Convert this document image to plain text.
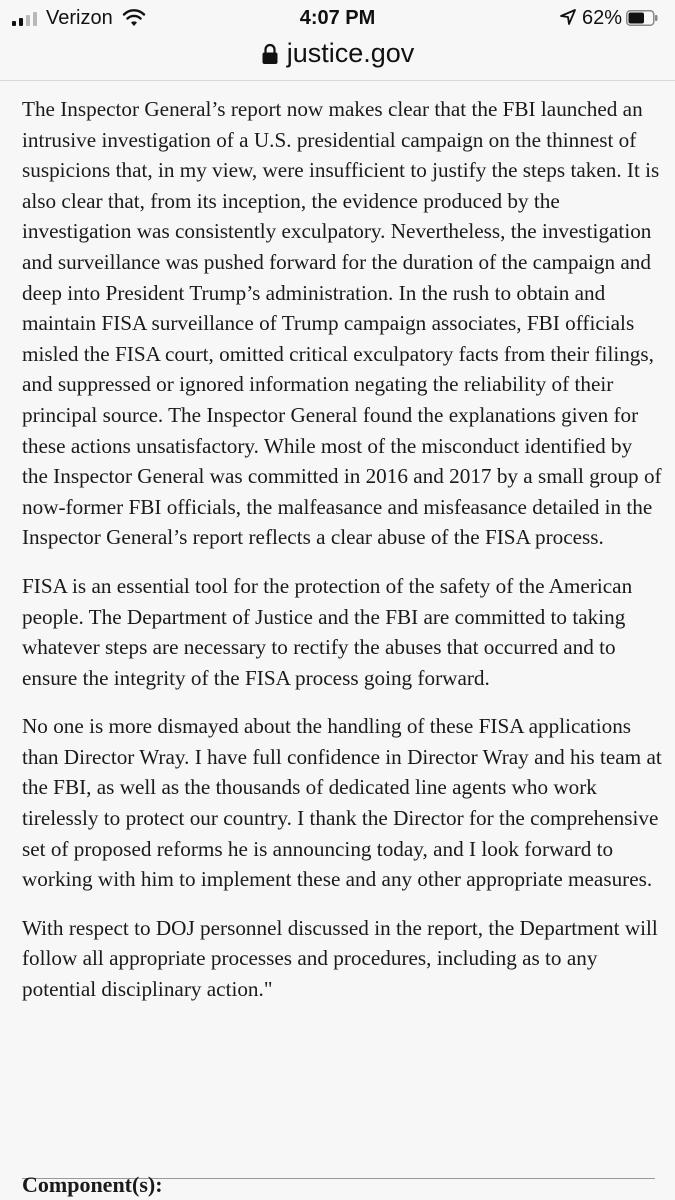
Verizon	4:07 PM	62%
justice.gov

The Inspector General’s report now makes clear that the FBI launched an intrusive investigation of a U.S. presidential campaign on the thinnest of suspicions that, in my view, were insufficient to justify the steps taken. It is also clear that, from its inception, the evidence produced by the investigation was consistently exculpatory. Nevertheless, the investigation and surveillance was pushed forward for the duration of the campaign and deep into President Trump’s administration. In the rush to obtain and maintain FISA surveillance of Trump campaign associates, FBI officials misled the FISA court, omitted critical exculpatory facts from their filings, and suppressed or ignored information negating the reliability of their principal source. The Inspector General found the explanations given for these actions unsatisfactory. While most of the misconduct identified by the Inspector General was committed in 2016 and 2017 by a small group of now-former FBI officials, the malfeasance and misfeasance detailed in the Inspector General’s report reflects a clear abuse of the FISA process.

FISA is an essential tool for the protection of the safety of the American people. The Department of Justice and the FBI are committed to taking whatever steps are necessary to rectify the abuses that occurred and to ensure the integrity of the FISA process going forward.

No one is more dismayed about the handling of these FISA applications than Director Wray. I have full confidence in Director Wray and his team at the FBI, as well as the thousands of dedicated line agents who work tirelessly to protect our country. I thank the Director for the comprehensive set of proposed reforms he is announcing today, and I look forward to working with him to implement these and any other appropriate measures.

With respect to DOJ personnel discussed in the report, the Department will follow all appropriate processes and procedures, including as to any potential disciplinary action."

Component(s):
